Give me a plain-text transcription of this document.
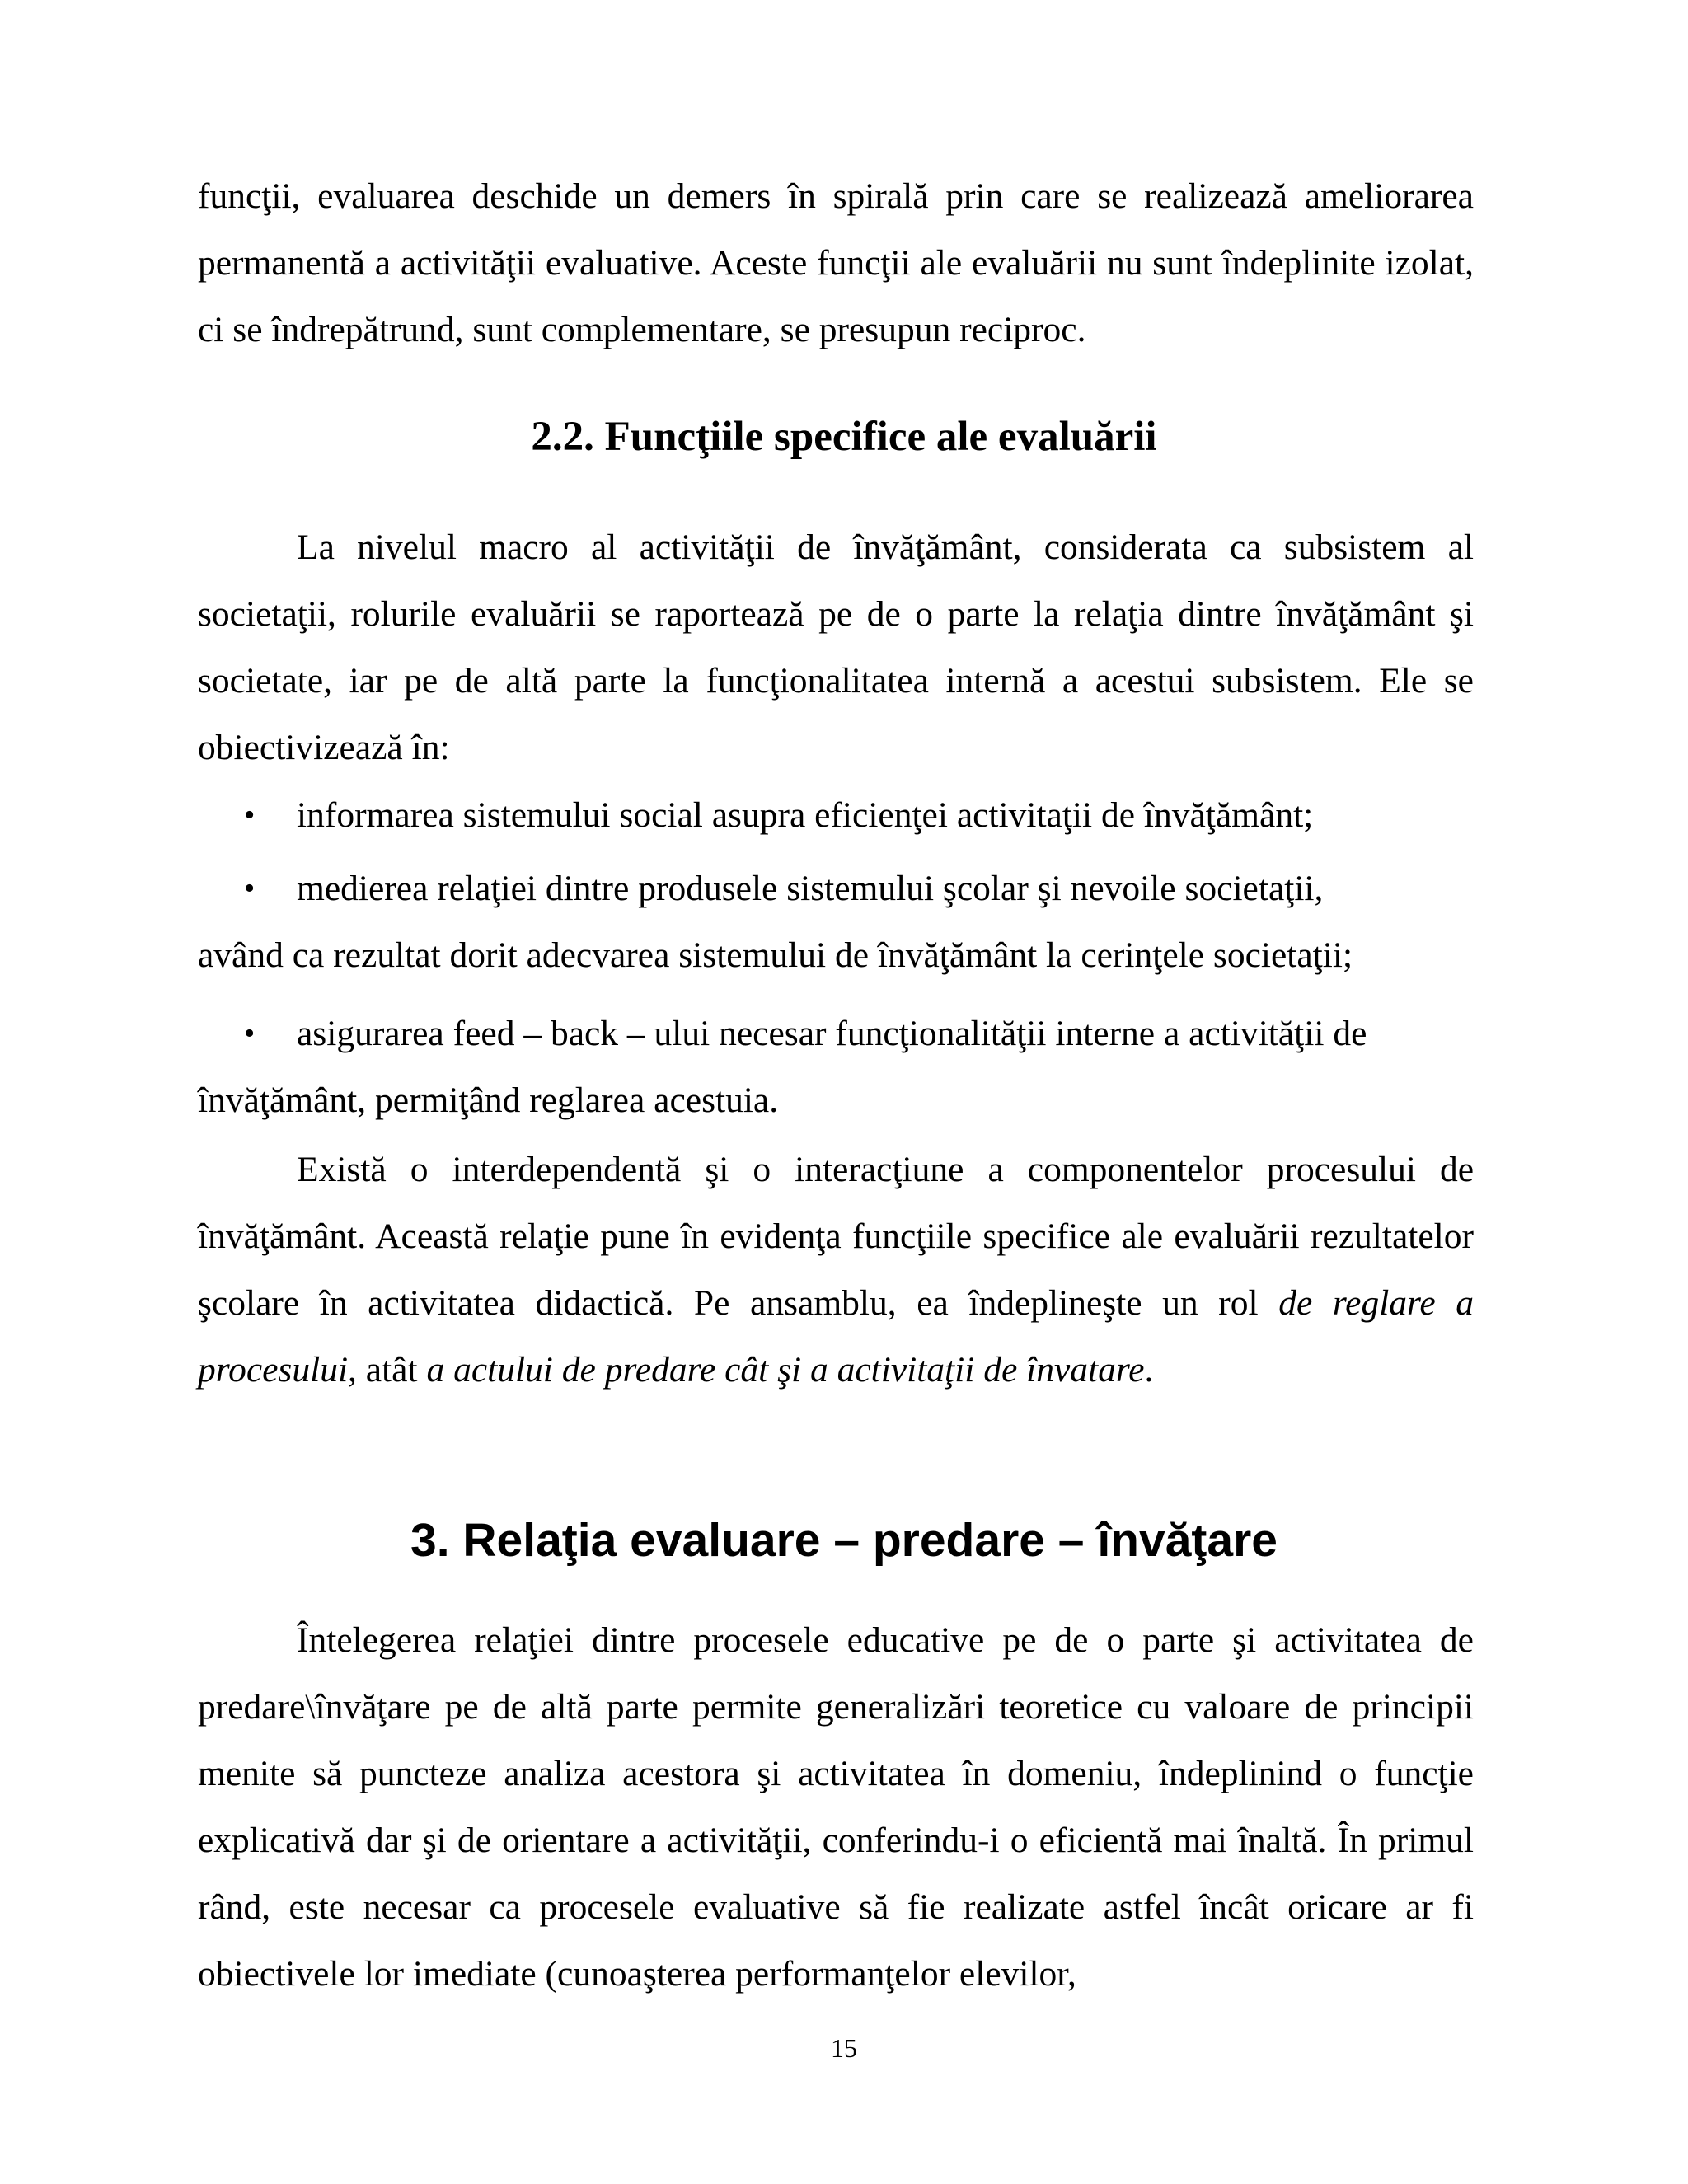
funcţii, evaluarea deschide un demers în spirală prin care se realizează ameliorarea permanentă a activităţii evaluative. Aceste funcţii ale evaluării nu sunt îndeplinite izolat, ci se îndrepătrund, sunt complementare, se presupun reciproc.

2.2. Funcţiile specifice ale evaluării

La nivelul macro al activităţii de învăţământ, considerata ca subsistem al societaţii, rolurile evaluării se raportează pe de o parte la relaţia dintre învăţământ şi societate, iar pe de altă parte la funcţionalitatea internă a acestui subsistem. Ele se obiectivizează în:

•	informarea sistemului social asupra eficienţei activitaţii de învăţământ;
•	medierea relaţiei dintre produsele sistemului şcolar şi nevoile societaţii,
având ca rezultat dorit adecvarea sistemului de învăţământ la cerinţele societaţii;
•	asigurarea feed – back – ului necesar funcţionalităţii interne a activităţii de
învăţământ, permiţând reglarea acestuia.

Există o interdependentă şi o interacţiune a componentelor procesului de învăţământ. Această relaţie pune în evidenţa funcţiile specifice ale evaluării rezultatelor şcolare în activitatea didactică. Pe ansamblu, ea îndeplineşte un rol de reglare a procesului, atât a actului de predare cât şi a activitaţii de învatare.

3. Relaţia evaluare – predare – învăţare

Întelegerea relaţiei dintre procesele educative pe de o parte şi activitatea de predare\învăţare pe de altă parte permite generalizări teoretice cu valoare de principii menite să puncteze analiza acestora şi activitatea în domeniu, îndeplinind o funcţie explicativă dar şi de orientare a activităţii, conferindu-i o eficientă mai înaltă. În primul rând, este necesar ca procesele evaluative să fie realizate astfel încât oricare ar fi obiectivele lor imediate (cunoaşterea performanţelor elevilor,

15
